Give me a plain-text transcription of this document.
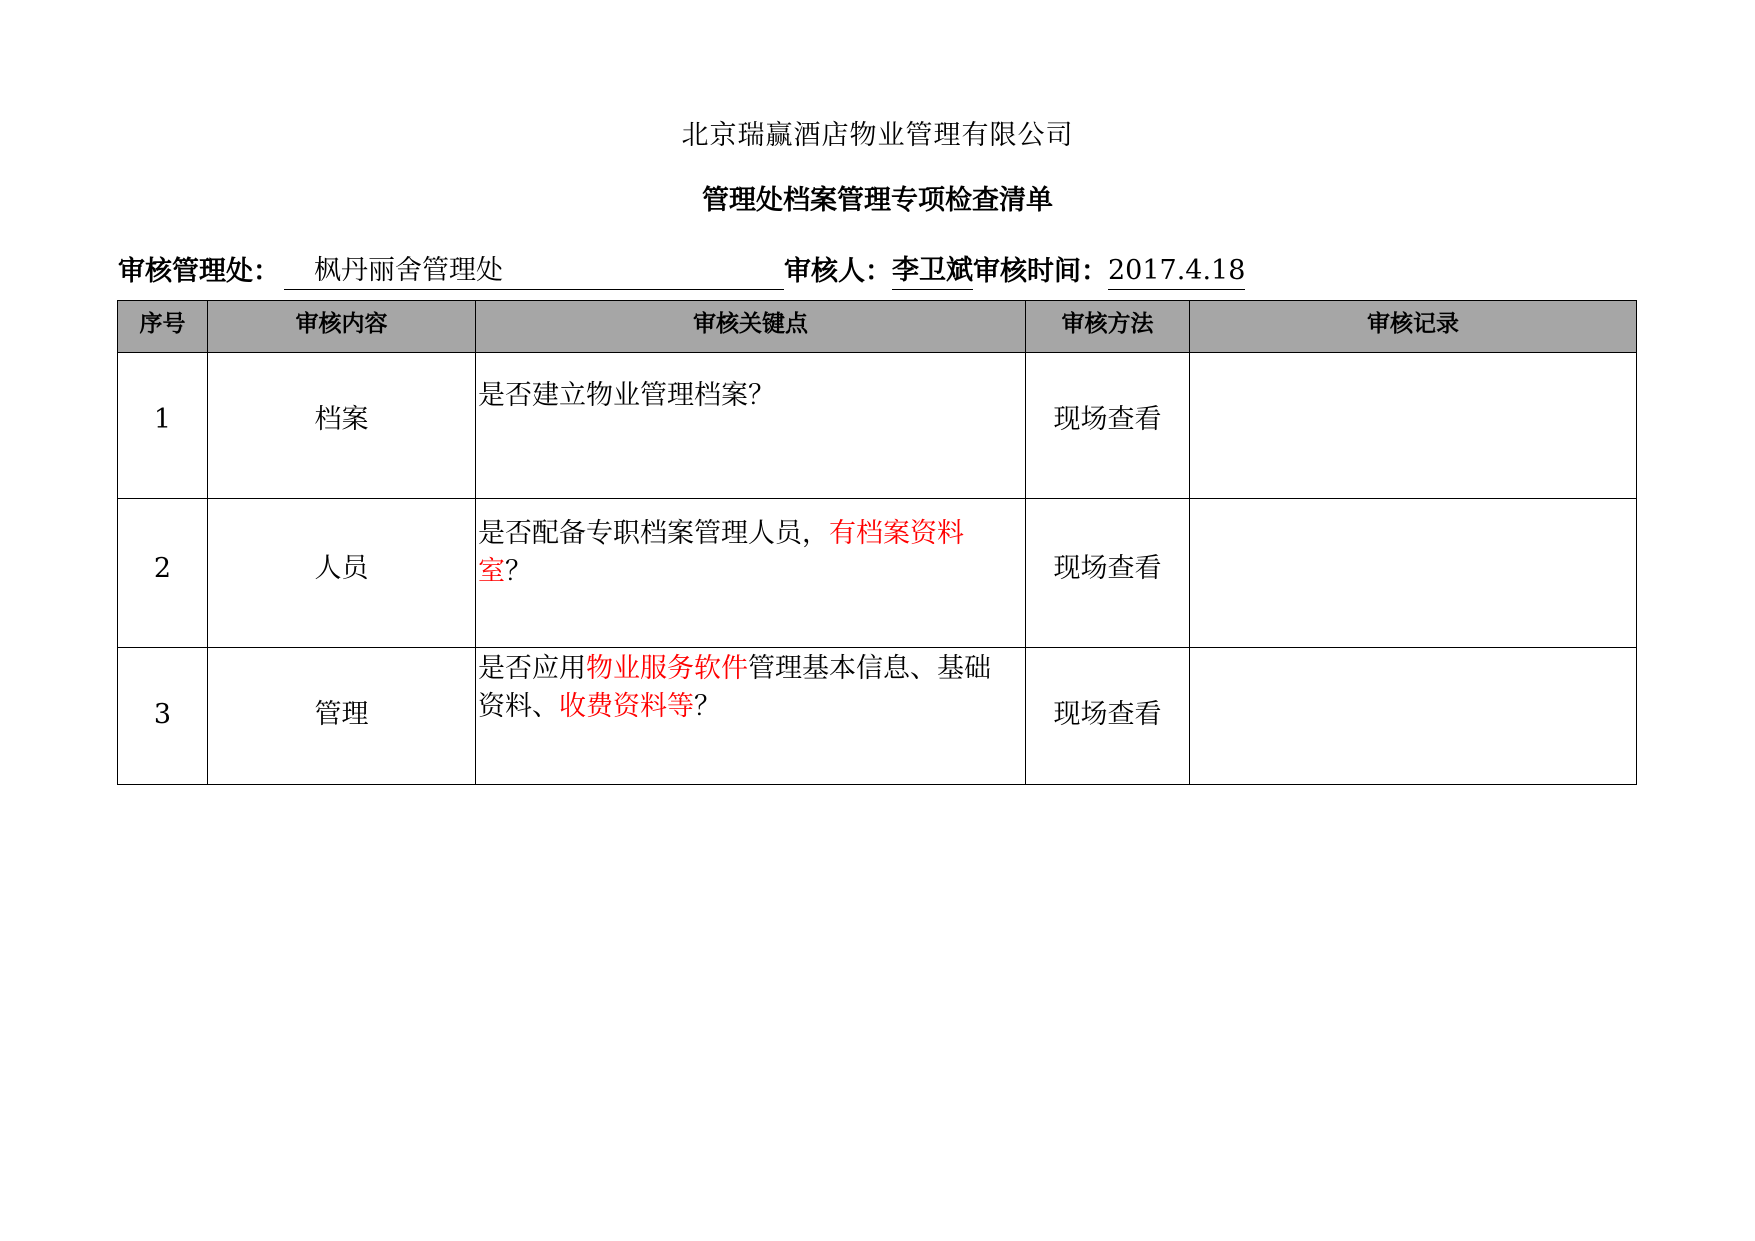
北京瑞赢酒店物业管理有限公司
管理处档案管理专项检查清单
审核管理处：	枫丹丽舍管理处	审核人： 李卫斌 审核时间： 2017.4.18
序号	审核内容	审核关键点	审核方法	审核记录
1	档案	是否建立物业管理档案？	现场查看	
2	人员	是否配备专职档案管理人员，有档案资料室？	现场查看	
3	管理	是否应用物业服务软件管理基本信息、基础资料、收费资料等？	现场查看	
